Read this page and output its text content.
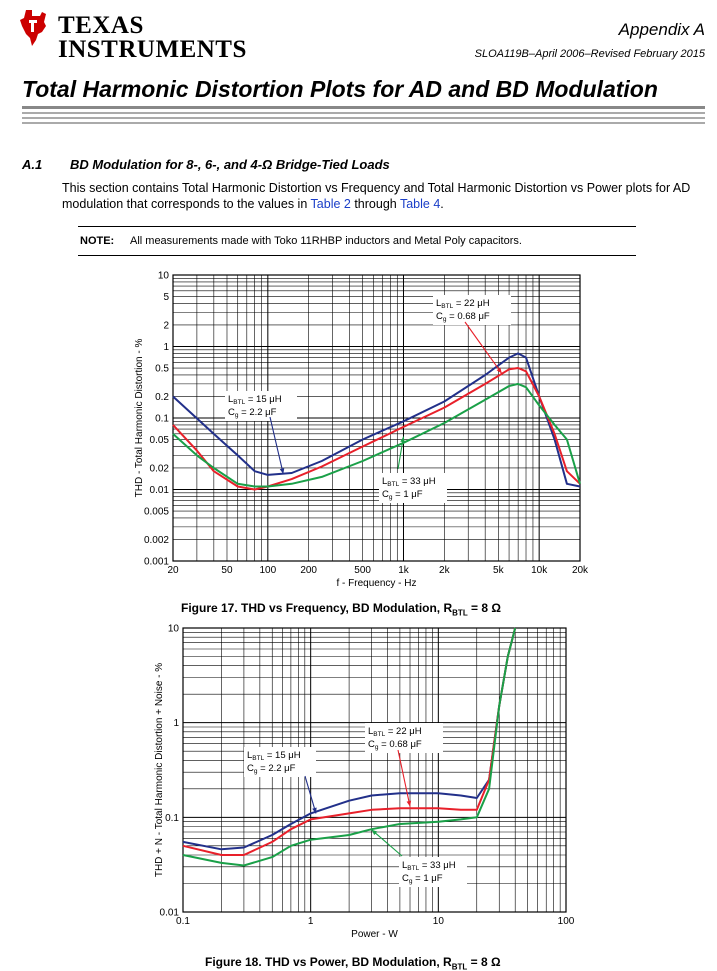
TEXAS
INSTRUMENTS
Appendix A
SLOA119B–April 2006–Revised February 2015
Total Harmonic Distortion Plots for AD and BD Modulation
A.1 BD Modulation for 8-, 6-, and 4-Ω Bridge-Tied Loads
This section contains Total Harmonic Distortion vs Frequency and Total Harmonic Distortion vs Power plots for AD modulation that corresponds to the values in Table 2 through Table 4.
NOTE: All measurements made with Toko 11RHBP inductors and Metal Poly capacitors.
20	50	100 200	500	1k	2k	5k	10k 20k
0.001
0.002
0.005
0.01
0.02
0.05
0.1
0.2
0.5
1
2
5
10
f - Frequency - Hz
THD - Total Harmonic Distortion - %	$L_{BTL} = 15$ μH
$C_g = 2.2$ μF
$L_{BTL} = 22$ μH
$C_g = 0.68$ μF
$L_{BTL} = 33$ μH
$C_g = 1$ μF
Figure 17. THD vs Frequency, BD Modulation, $R_{BTL} = 8$ Ω
0.1	1	10	100
0.01
0.1
1
10
Power - W
THD + N - Total Harmonic Distortion + Noise - %	$L_{BTL} = 15$ μH
$C_g = 2.2$ μF
$L_{BTL} = 22$ μH
$C_g = 0.68$ μF
$L_{BTL} = 33$ μH
$C_g = 1$ μF
Figure 18. THD vs Power, BD Modulation, $R_{BTL} = 8$ Ω
